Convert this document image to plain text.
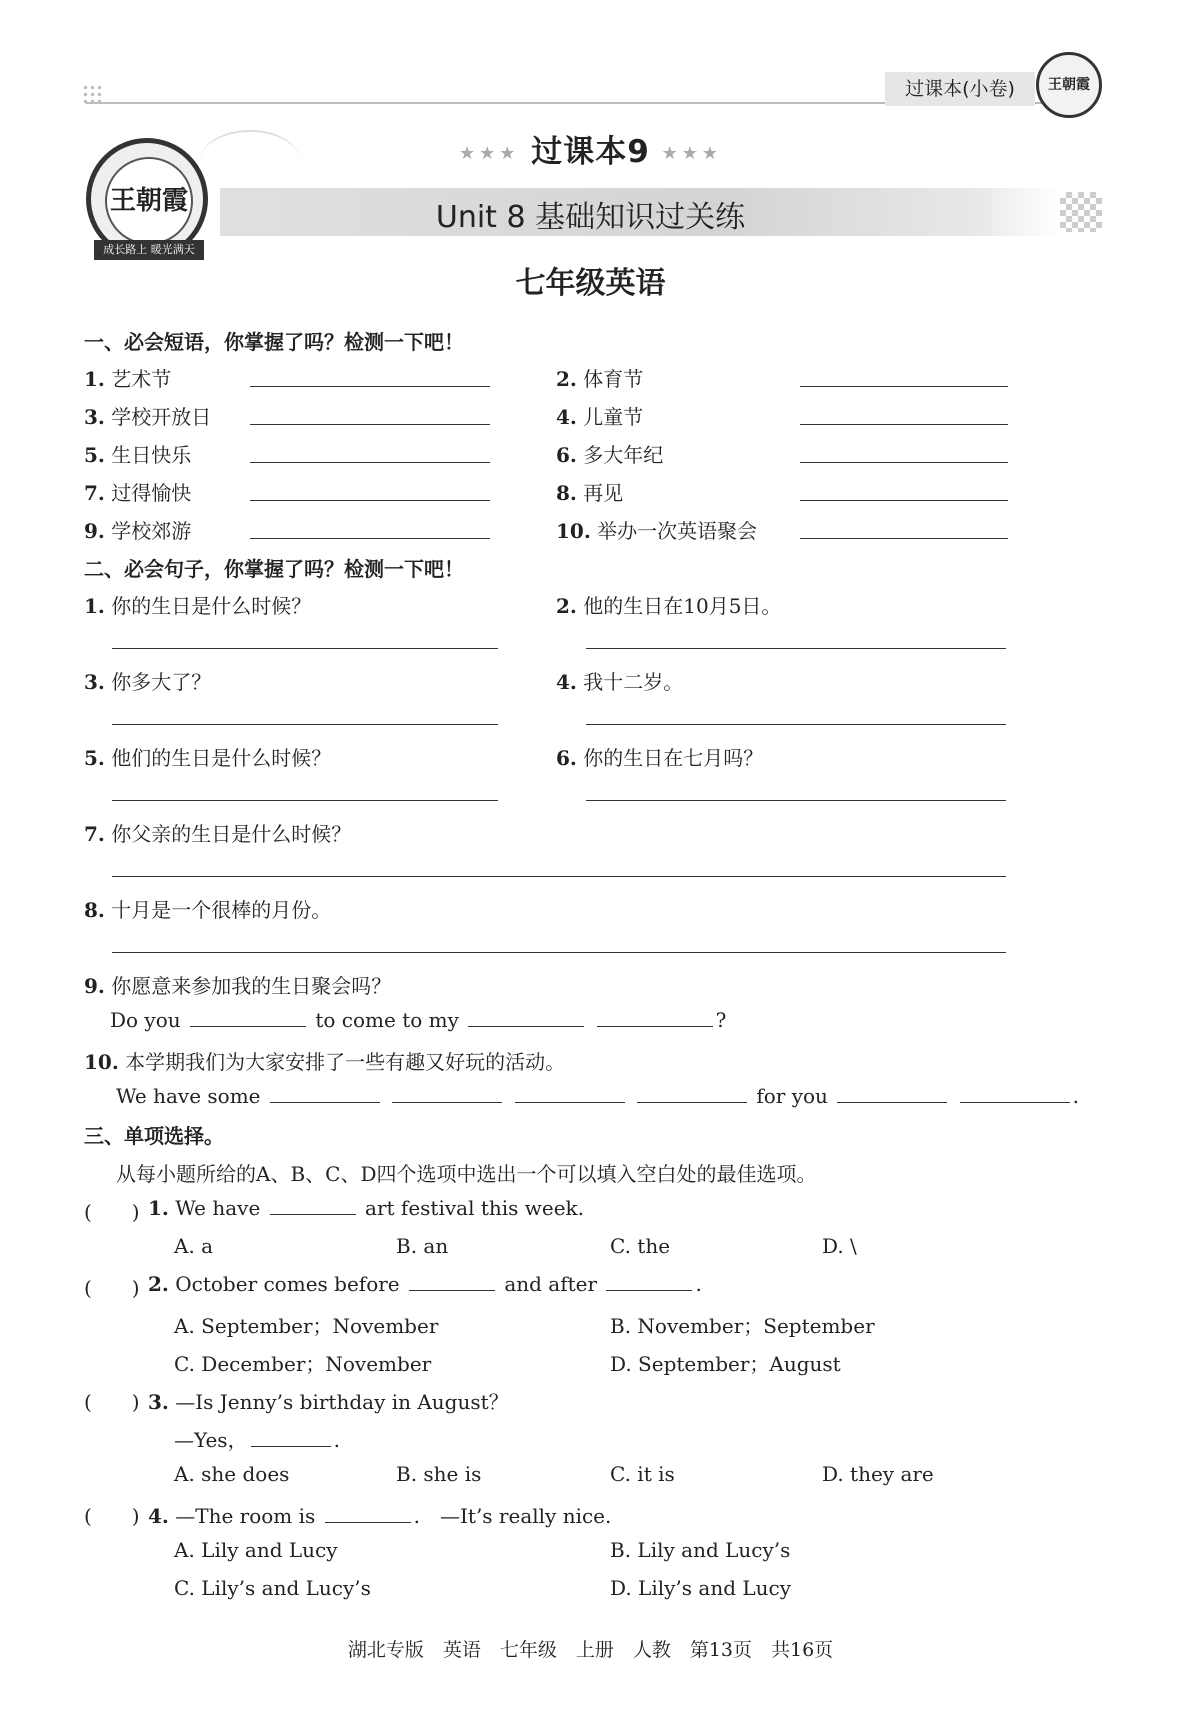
过课本(小卷)	王朝霞
王朝霞
成长路上 暖光满天
★★★ 过课本9 ★★★
Unit 8 基础知识过关练
七年级英语
一、必会短语，你掌握了吗？检测一下吧！
1. 艺术节	2. 体育节
3. 学校开放日	4. 儿童节
5. 生日快乐	6. 多大年纪
7. 过得愉快	8. 再见
9. 学校郊游	10. 举办一次英语聚会
二、必会句子，你掌握了吗？检测一下吧！
1. 你的生日是什么时候？	2. 他的生日在10月5日。
3. 你多大了？	4. 我十二岁。
5. 他们的生日是什么时候？	6. 你的生日在七月吗？
7. 你父亲的生日是什么时候？
8. 十月是一个很棒的月份。
9. 你愿意来参加我的生日聚会吗？
Do you	to come to my	?
10. 本学期我们为大家安排了一些有趣又好玩的活动。
We have some	for you	.
三、单项选择。
从每小题所给的A、B、C、D四个选项中选出一个可以填入空白处的最佳选项。
(　　) 1. We have	art festival this week.
A. a	B. an	C. the	D. \
(　　) 2. October comes before	and after	.
A. September；November	B. November；September
C. December；November	D. September；August
(　　) 3. —Is Jenny’s birthday in August？
—Yes，	.
A. she does	B. she is	C. it is	D. they are
(　　) 4. —The room is	.　—It’s really nice.
A. Lily and Lucy	B. Lily and Lucy’s
C. Lily’s and Lucy’s	D. Lily’s and Lucy
湖北专版　英语　七年级　上册　人教　第13页　共16页
